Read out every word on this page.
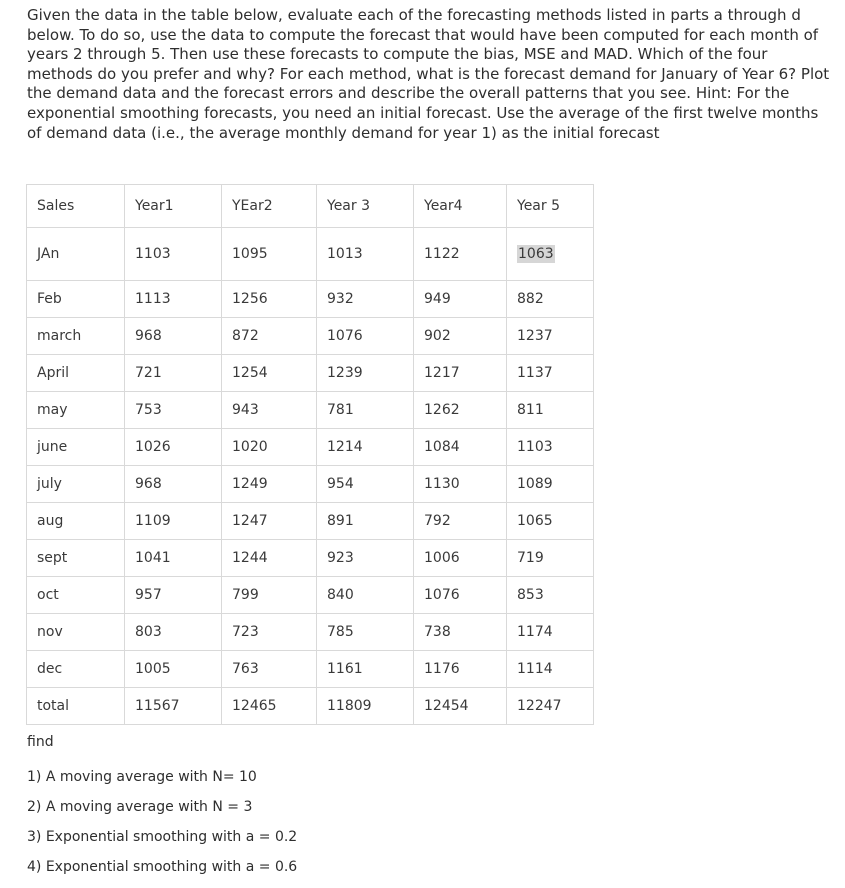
Given the data in the table below, evaluate each of the forecasting methods listed in parts a through d below. To do so, use the data to compute the forecast that would have been computed for each month of years 2 through 5. Then use these forecasts to compute the bias, MSE and MAD. Which of the four methods do you prefer and why? For each method, what is the forecast demand for January of Year 6? Plot the demand data and the forecast errors and describe the overall patterns that you see. Hint: For the exponential smoothing forecasts, you need an initial forecast. Use the average of the first twelve months of demand data (i.e., the average monthly demand for year 1) as the initial forecast

Sales	Year1	YEar2	Year 3	Year4	Year 5
JAn	1103	1095	1013	1122	1063
Feb	1113	1256	932	949	882
march	968	872	1076	902	1237
April	721	1254	1239	1217	1137
may	753	943	781	1262	811
june	1026	1020	1214	1084	1103
july	968	1249	954	1130	1089
aug	1109	1247	891	792	1065
sept	1041	1244	923	1006	719
oct	957	799	840	1076	853
nov	803	723	785	738	1174
dec	1005	763	1161	1176	1114
total	11567	12465	11809	12454	12247

find

1) A moving average with N= 10
2) A moving average with N = 3
3) Exponential smoothing with a = 0.2
4) Exponential smoothing with a = 0.6
